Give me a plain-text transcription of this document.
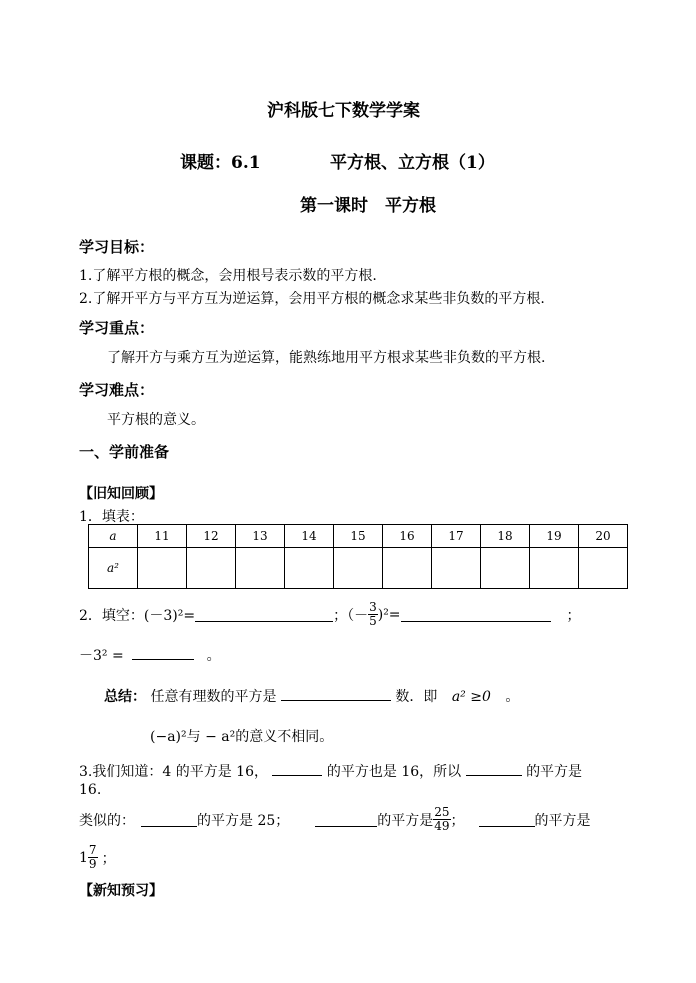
沪科版七下数学学案
课题：6.1	平方根、立方根（1）
第一课时　平方根
学习目标：
1.了解平方根的概念，会用根号表示数的平方根.
2.了解开平方与平方互为逆运算，会用平方根的概念求某些非负数的平方根.
学习重点：
了解开方与乘方互为逆运算，能熟练地用平方根求某些非负数的平方根.
学习难点：
平方根的意义。
一、学前准备
【旧知回顾】
1．填表：
a	11	12	13	14	15	16	17	18	19	20
a²										
2．填空：(－3)²=	；（－ $\frac{3}{5} )^2=$	；
－3² =	。
总结： 任意有理数的平方是	数．即 a² ≥0 。
(−a)²与 − a²的意义不相同。
3.我们知道：4 的平方是 16，	的平方也是 16，所以	的平方是
16.
类似的：	的平方是 25；	的平方是 $\frac{25}{49}$ ；	的平方是
$1 \frac{7}{9}$ ；
【新知预习】
